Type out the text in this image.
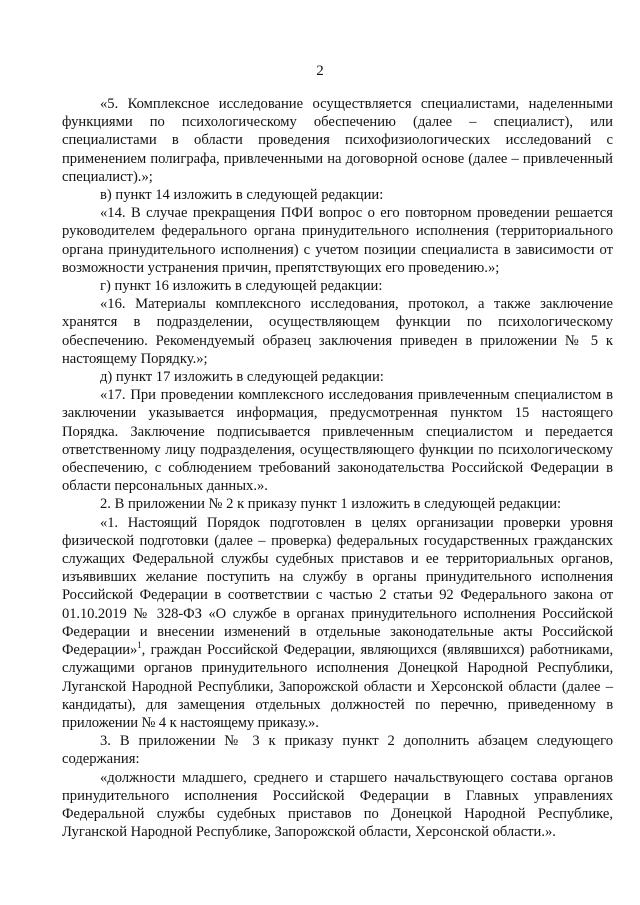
2

«5. Комплексное исследование осуществляется специалистами, наделенными функциями по психологическому обеспечению (далее – специалист), или специалистами в области проведения психофизиологических исследований с применением полиграфа, привлеченными на договорной основе (далее – привлеченный специалист).»;

в) пункт 14 изложить в следующей редакции:

«14. В случае прекращения ПФИ вопрос о его повторном проведении решается руководителем федерального органа принудительного исполнения (территориального органа принудительного исполнения) с учетом позиции специалиста в зависимости от возможности устранения причин, препятствующих его проведению.»;

г) пункт 16 изложить в следующей редакции:

«16. Материалы комплексного исследования, протокол, а также заключение хранятся в подразделении, осуществляющем функции по психологическому обеспечению. Рекомендуемый образец заключения приведен в приложении № 5 к настоящему Порядку.»;

д) пункт 17 изложить в следующей редакции:

«17. При проведении комплексного исследования привлеченным специалистом в заключении указывается информация, предусмотренная пунктом 15 настоящего Порядка. Заключение подписывается привлеченным специалистом и передается ответственному лицу подразделения, осуществляющего функции по психологическому обеспечению, с соблюдением требований законодательства Российской Федерации в области персональных данных.».

2. В приложении № 2 к приказу пункт 1 изложить в следующей редакции:

«1. Настоящий Порядок подготовлен в целях организации проверки уровня физической подготовки (далее – проверка) федеральных государственных гражданских служащих Федеральной службы судебных приставов и ее территориальных органов, изъявивших желание поступить на службу в органы принудительного исполнения Российской Федерации в соответствии с частью 2 статьи 92 Федерального закона от 01.10.2019 № 328-ФЗ «О службе в органах принудительного исполнения Российской Федерации и внесении изменений в отдельные законодательные акты Российской Федерации»$^1$, граждан Российской Федерации, являющихся (являвшихся) работниками, служащими органов принудительного исполнения Донецкой Народной Республики, Луганской Народной Республики, Запорожской области и Херсонской области (далее – кандидаты), для замещения отдельных должностей по перечню, приведенному в приложении № 4 к настоящему приказу.».

3. В приложении № 3 к приказу пункт 2 дополнить абзацем следующего содержания:

«должности младшего, среднего и старшего начальствующего состава органов принудительного исполнения Российской Федерации в Главных управлениях Федеральной службы судебных приставов по Донецкой Народной Республике, Луганской Народной Республике, Запорожской области, Херсонской области.».
